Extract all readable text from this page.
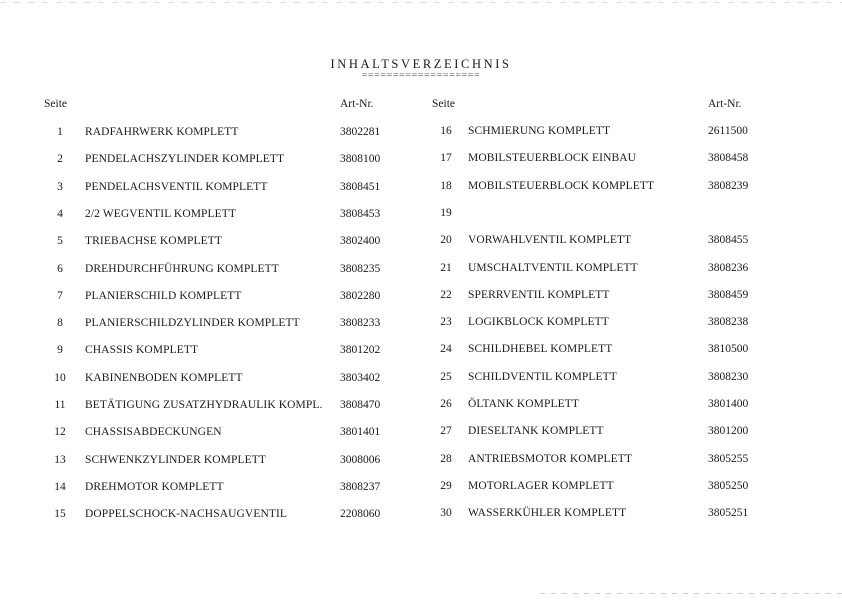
INHALTSVERZEICHNIS
===================
Seite	Art-Nr.	Seite	Art-Nr.
1	RADFAHRWERK KOMPLETT	3802281
2	PENDELACHSZYLINDER KOMPLETT	3808100
3	PENDELACHSVENTIL KOMPLETT	3808451
4	2/2 WEGVENTIL KOMPLETT	3808453
5	TRIEBACHSE KOMPLETT	3802400
6	DREHDURCHFÜHRUNG KOMPLETT	3808235
7	PLANIERSCHILD KOMPLETT	3802280
8	PLANIERSCHILDZYLINDER KOMPLETT	3808233
9	CHASSIS KOMPLETT	3801202
10	KABINENBODEN KOMPLETT	3803402
11	BETÄTIGUNG ZUSATZHYDRAULIK KOMPL. 3808470
12	CHASSISABDECKUNGEN	3801401
13	SCHWENKZYLINDER KOMPLETT	3008006
14	DREHMOTOR KOMPLETT	3808237
15	DOPPELSCHOCK-NACHSAUGVENTIL	2208060
16	SCHMIERUNG KOMPLETT	2611500
17	MOBILSTEUERBLOCK EINBAU	3808458
18	MOBILSTEUERBLOCK KOMPLETT	3808239
19
20	VORWAHLVENTIL KOMPLETT	3808455
21	UMSCHALTVENTIL KOMPLETT	3808236
22	SPERRVENTIL KOMPLETT	3808459
23	LOGIKBLOCK KOMPLETT	3808238
24	SCHILDHEBEL KOMPLETT	3810500
25	SCHILDVENTIL KOMPLETT	3808230
26	ÖLTANK KOMPLETT	3801400
27	DIESELTANK KOMPLETT	3801200
28	ANTRIEBSMOTOR KOMPLETT	3805255
29	MOTORLAGER KOMPLETT	3805250
30	WASSERKÜHLER KOMPLETT	3805251
